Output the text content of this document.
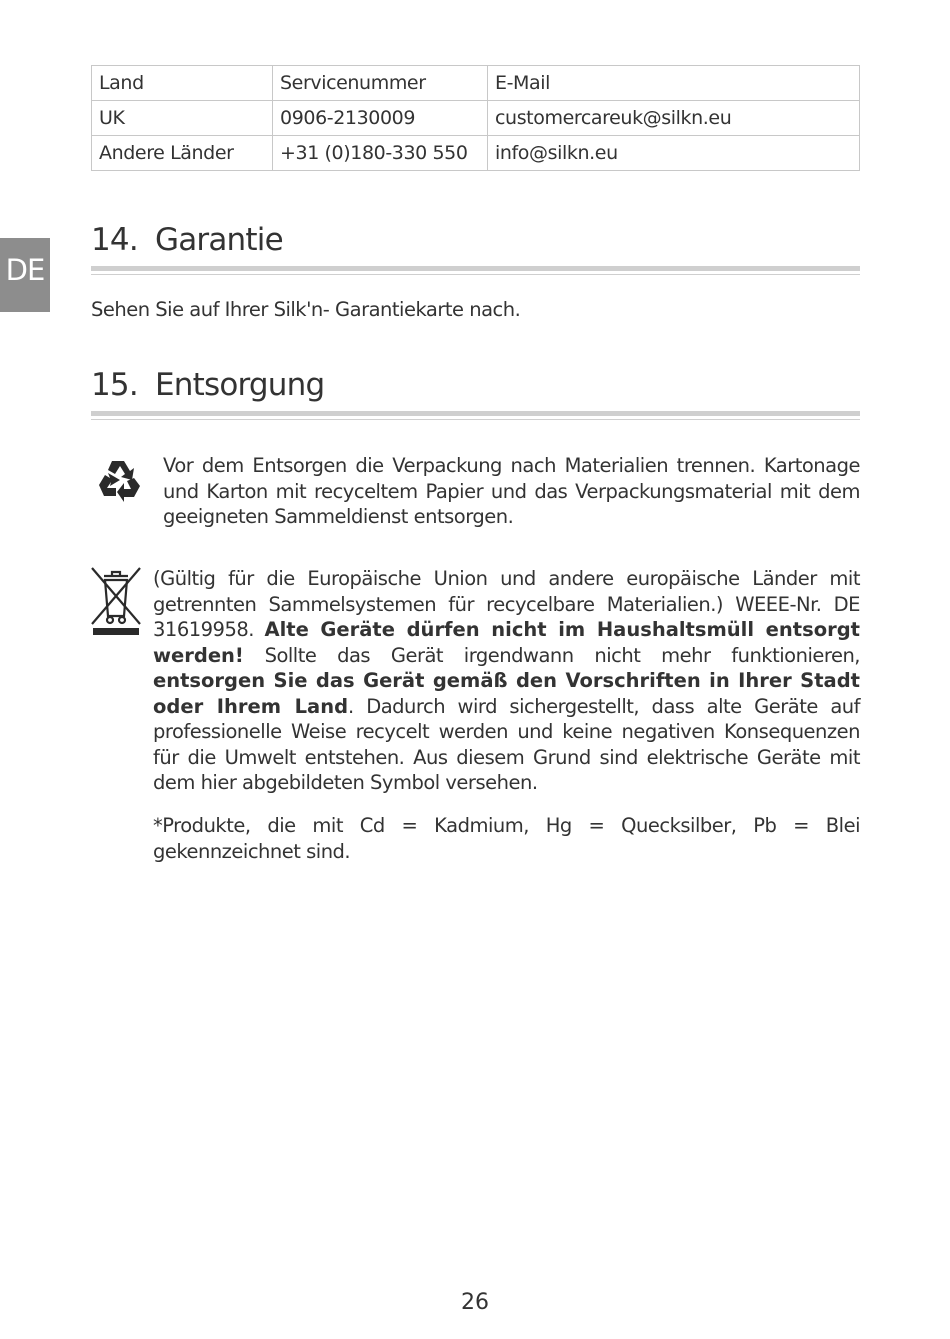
Land	Servicenummer	E-Mail
UK	0906-2130009	customercareuk@silkn.eu
Andere Länder	+31 (0)180-330 550	info@silkn.eu
DE
14. Garantie

Sehen Sie auf Ihrer Silk'n- Garantiekarte nach.

15. Entsorgung

Vor dem Entsorgen die Verpackung nach Materialien trennen. Kartonage und Karton mit recyceltem Papier und das Verpackungsmaterial mit dem geeigneten Sammeldienst entsorgen.

(Gültig für die Europäische Union und andere europäische Länder mit getrennten Sammelsystemen für recycelbare Materialien.) WEEE-Nr. DE 31619958. Alte Geräte dürfen nicht im Haushaltsmüll entsorgt werden! Sollte das Gerät irgendwann nicht mehr funktionieren, entsorgen Sie das Gerät gemäß den Vorschriften in Ihrer Stadt oder Ihrem Land. Dadurch wird sichergestellt, dass alte Geräte auf professionelle Weise recycelt werden und keine negativen Konsequenzen für die Umwelt entstehen. Aus diesem Grund sind elektrische Geräte mit dem hier abgebildeten Symbol versehen.

*Produkte, die mit Cd = Kadmium, Hg = Quecksilber, Pb = Blei gekennzeichnet sind.

26
